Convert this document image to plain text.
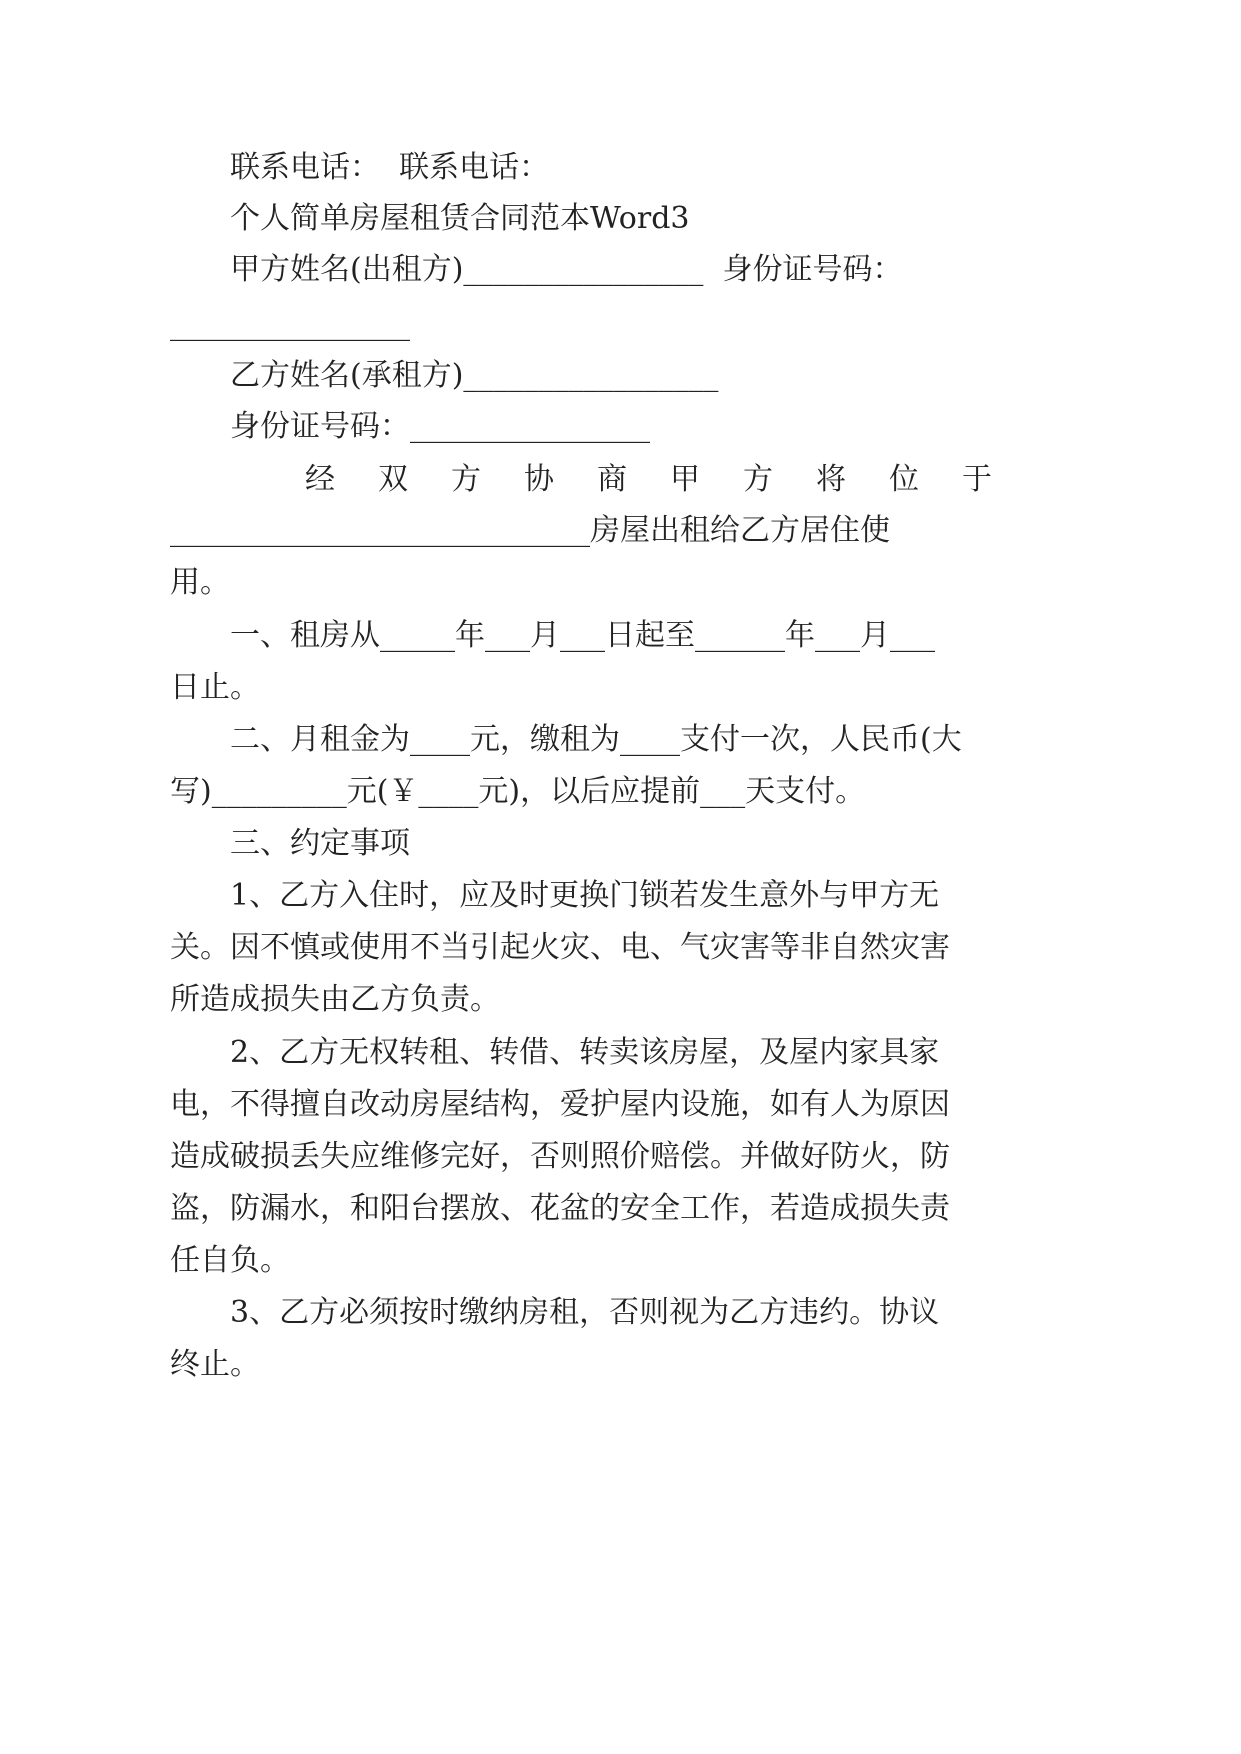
联系电话：  联系电话：

个人简单房屋租赁合同范本Word3

甲方姓名(出租方)________________  身份证号码：

________________

乙方姓名(承租方)_________________

身份证号码：________________

经双方协商甲方将位于

____________________________房屋出租给乙方居住使

用。

一、租房从_____年___月___日起至______年___月___

日止。

二、月租金为____元，缴租为____支付一次，人民币(大

写)_________元(￥____元)，以后应提前___天支付。

三、约定事项

1、乙方入住时，应及时更换门锁若发生意外与甲方无

关。因不慎或使用不当引起火灾、电、气灾害等非自然灾害

所造成损失由乙方负责。

2、乙方无权转租、转借、转卖该房屋，及屋内家具家

电，不得擅自改动房屋结构，爱护屋内设施，如有人为原因

造成破损丢失应维修完好，否则照价赔偿。并做好防火，防

盗，防漏水，和阳台摆放、花盆的安全工作，若造成损失责

任自负。

3、乙方必须按时缴纳房租，否则视为乙方违约。协议

终止。
